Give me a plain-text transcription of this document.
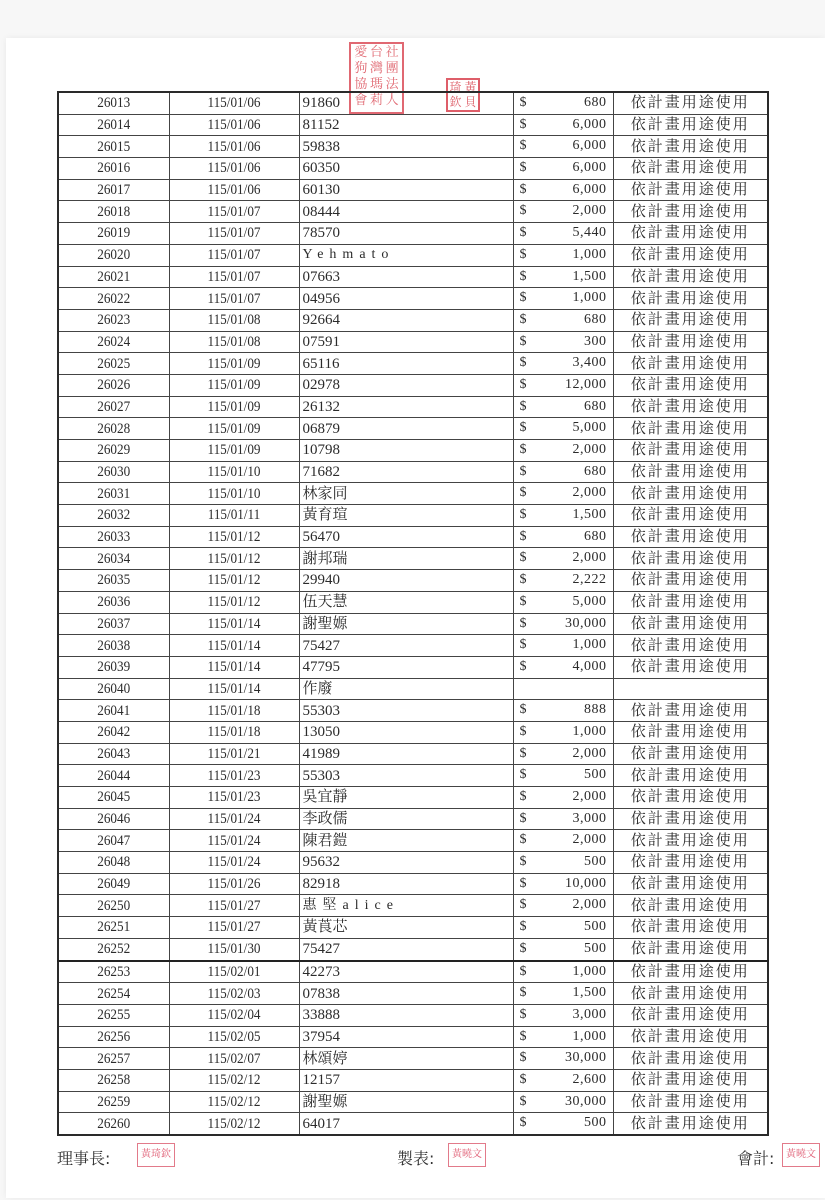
愛 台 社
狗 灣 團
協 瑪 法
會 莉 人
琦 黃
欽 貝
26013	115/01/06	91860	$ 680	依計畫用途使用
26014	115/01/06	81152	$ 6,000	依計畫用途使用
26015	115/01/06	59838	$ 6,000	依計畫用途使用
26016	115/01/06	60350	$ 6,000	依計畫用途使用
26017	115/01/06	60130	$ 6,000	依計畫用途使用
26018	115/01/07	08444	$ 2,000	依計畫用途使用
26019	115/01/07	78570	$ 5,440	依計畫用途使用
26020	115/01/07	Yehmato	$ 1,000	依計畫用途使用
26021	115/01/07	07663	$ 1,500	依計畫用途使用
26022	115/01/07	04956	$ 1,000	依計畫用途使用
26023	115/01/08	92664	$ 680	依計畫用途使用
26024	115/01/08	07591	$ 300	依計畫用途使用
26025	115/01/09	65116	$ 3,400	依計畫用途使用
26026	115/01/09	02978	$ 12,000	依計畫用途使用
26027	115/01/09	26132	$ 680	依計畫用途使用
26028	115/01/09	06879	$ 5,000	依計畫用途使用
26029	115/01/09	10798	$ 2,000	依計畫用途使用
26030	115/01/10	71682	$ 680	依計畫用途使用
26031	115/01/10	林家同	$ 2,000	依計畫用途使用
26032	115/01/11	黃育瑄	$ 1,500	依計畫用途使用
26033	115/01/12	56470	$ 680	依計畫用途使用
26034	115/01/12	謝邦瑞	$ 2,000	依計畫用途使用
26035	115/01/12	29940	$ 2,222	依計畫用途使用
26036	115/01/12	伍天慧	$ 5,000	依計畫用途使用
26037	115/01/14	謝聖嫄	$ 30,000	依計畫用途使用
26038	115/01/14	75427	$ 1,000	依計畫用途使用
26039	115/01/14	47795	$ 4,000	依計畫用途使用
26040	115/01/14	作廢	

26041	115/01/18	55303	$ 888	依計畫用途使用
26042	115/01/18	13050	$ 1,000	依計畫用途使用
26043	115/01/21	41989	$ 2,000	依計畫用途使用
26044	115/01/23	55303	$ 500	依計畫用途使用
26045	115/01/23	吳宜靜	$ 2,000	依計畫用途使用
26046	115/01/24	李政儒	$ 3,000	依計畫用途使用
26047	115/01/24	陳君鎧	$ 2,000	依計畫用途使用
26048	115/01/24	95632	$ 500	依計畫用途使用
26049	115/01/26	82918	$ 10,000	依計畫用途使用
26250	115/01/27	惠堅alice	$ 2,000	依計畫用途使用
26251	115/01/27	黃莨芯	$ 500	依計畫用途使用
26252	115/01/30	75427	$ 500	依計畫用途使用
26253	115/02/01	42273	$ 1,000	依計畫用途使用
26254	115/02/03	07838	$ 1,500	依計畫用途使用
26255	115/02/04	33888	$ 3,000	依計畫用途使用
26256	115/02/05	37954	$ 1,000	依計畫用途使用
26257	115/02/07	林頌婷	$ 30,000	依計畫用途使用
26258	115/02/12	12157	$ 2,600	依計畫用途使用
26259	115/02/12	謝聖嫄	$ 30,000	依計畫用途使用
26260	115/02/12	64017	$ 500	依計畫用途使用
理事長:	黃琦欽	製表:	黃曉文	會計:	黃曉文
